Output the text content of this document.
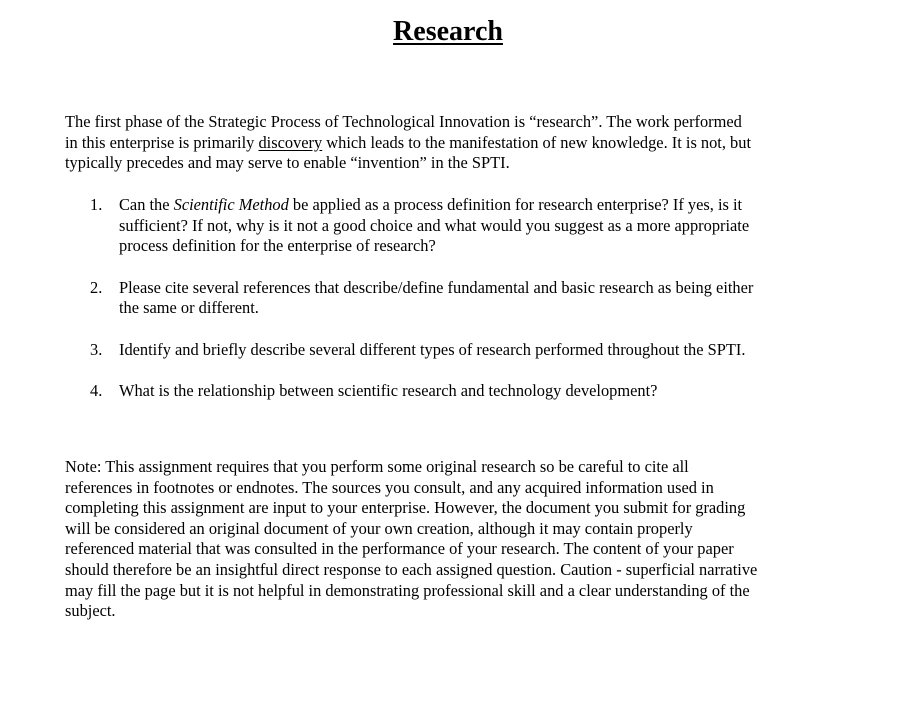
Research

The first phase of the Strategic Process of Technological Innovation is “research”. The work performed
in this enterprise is primarily discovery which leads to the manifestation of new knowledge. It is not, but
typically precedes and may serve to enable “invention” in the SPTI.

1. Can the Scientific Method be applied as a process definition for research enterprise? If yes, is it
sufficient? If not, why is it not a good choice and what would you suggest as a more appropriate
process definition for the enterprise of research?
2. Please cite several references that describe/define fundamental and basic research as being either
the same or different.
3. Identify and briefly describe several different types of research performed throughout the SPTI.
4. What is the relationship between scientific research and technology development?

Note: This assignment requires that you perform some original research so be careful to cite all
references in footnotes or endnotes. The sources you consult, and any acquired information used in
completing this assignment are input to your enterprise. However, the document you submit for grading
will be considered an original document of your own creation, although it may contain properly
referenced material that was consulted in the performance of your research. The content of your paper
should therefore be an insightful direct response to each assigned question. Caution - superficial narrative
may fill the page but it is not helpful in demonstrating professional skill and a clear understanding of the
subject.
